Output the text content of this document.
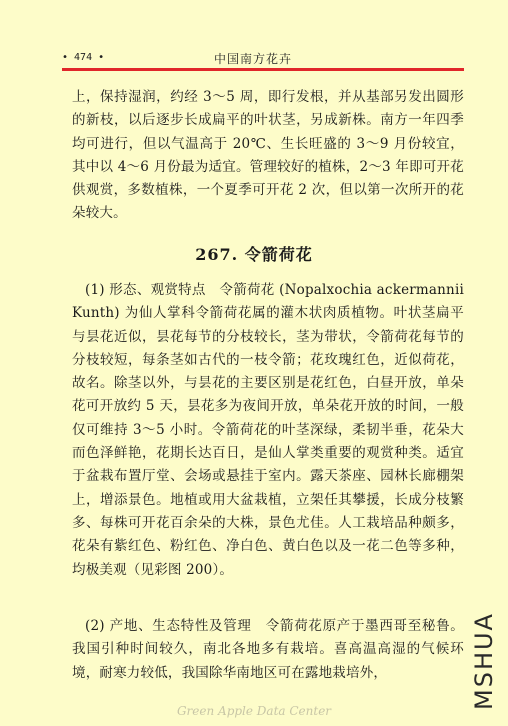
• 474 •	中国南方花卉

上，保持湿润，约经 3～5 周，即行发根，并从基部另发出圆形的新枝，以后逐步长成扁平的叶状茎，另成新株。南方一年四季均可进行，但以气温高于 20℃、生长旺盛的 3～9 月份较宜，其中以 4～6 月份最为适宜。管理较好的植株，2～3 年即可开花供观赏，多数植株，一个夏季可开花 2 次，但以第一次所开的花朵较大。

267. 令箭荷花

(1) 形态、观赏特点　令箭荷花 (Nopalxochia ackermannii Kunth) 为仙人掌科令箭荷花属的灌木状肉质植物。叶状茎扁平与昙花近似，昙花每节的分枝较长，茎为带状，令箭荷花每节的分枝较短，每条茎如古代的一枝令箭；花玫瑰红色，近似荷花，故名。除茎以外，与昙花的主要区别是花红色，白昼开放，单朵花可开放约 5 天，昙花多为夜间开放，单朵花开放的时间，一般仅可维持 3～5 小时。令箭荷花的叶茎深绿，柔韧半垂，花朵大而色泽鲜艳，花期长达百日，是仙人掌类重要的观赏种类。适宜于盆栽布置厅堂、会场或悬挂于室内。露天茶座、园林长廊棚架上，增添景色。地植或用大盆栽植，立架任其攀援，长成分枝繁多、每株可开花百余朵的大株，景色尤佳。人工栽培品种颇多，花朵有紫红色、粉红色、净白色、黄白色以及一花二色等多种，均极美观（见彩图 200）。

(2) 产地、生态特性及管理　令箭荷花原产于墨西哥至秘鲁。我国引种时间较久，南北各地多有栽培。喜高温高湿的气候环境，耐寒力较低，我国除华南地区可在露地栽培外，	MSHUA
Green Apple Data Center
